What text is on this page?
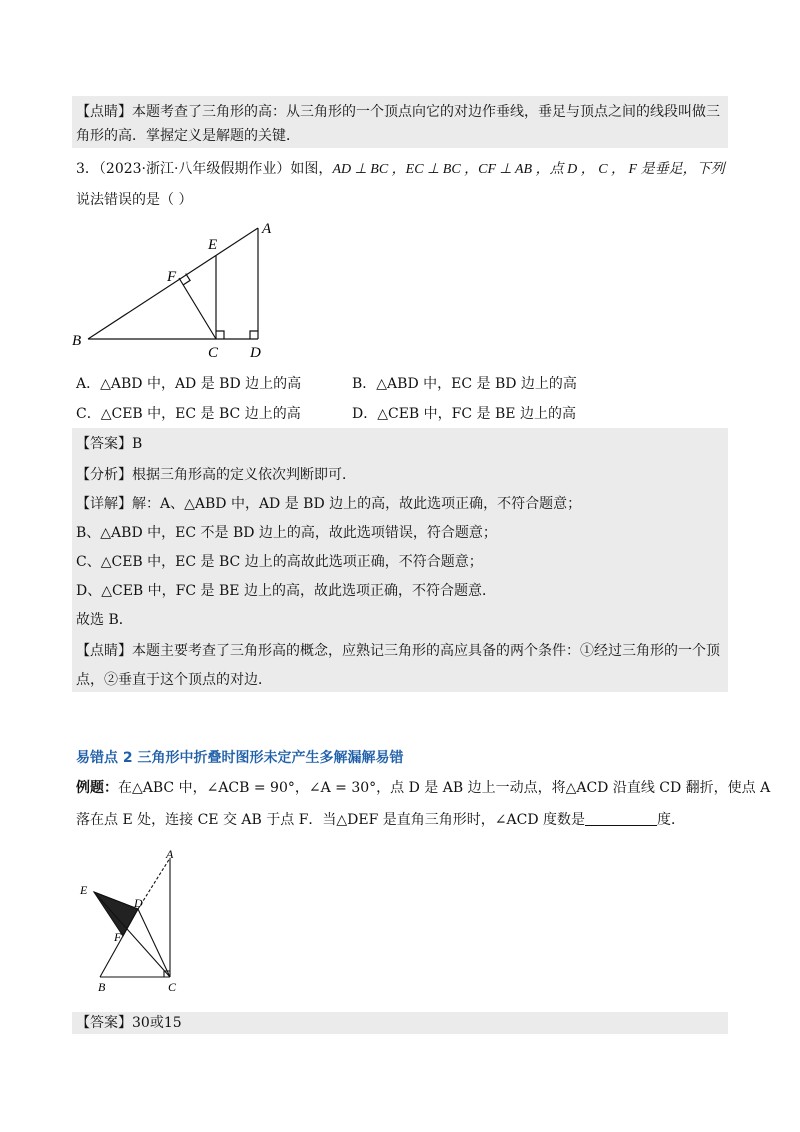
【点睛】本题考查了三角形的高：从三角形的一个顶点向它的对边作垂线，垂足与顶点之间的线段叫做三
角形的高．掌握定义是解题的关键．
3．（2023·浙江·八年级假期作业）如图，AD ⊥ BC ，EC ⊥ BC ，CF ⊥ AB ，点 D ， C ， F 是垂足，下列
说法错误的是（ ）
A
E
F
B
C D
A．△ABD 中，AD 是 BD 边上的高	B．△ABD 中，EC 是 BD 边上的高
C．△CEB 中，EC 是 BC 边上的高	D．△CEB 中，FC 是 BE 边上的高
【答案】B
【分析】根据三角形高的定义依次判断即可．
【详解】解：A、△ABD 中，AD 是 BD 边上的高，故此选项正确，不符合题意；
B、△ABD 中，EC 不是 BD 边上的高，故此选项错误，符合题意；
C、△CEB 中，EC 是 BC 边上的高故此选项正确，不符合题意；
D、△CEB 中，FC 是 BE 边上的高，故此选项正确，不符合题意．
故选 B．
【点睛】本题主要考查了三角形高的概念，应熟记三角形的高应具备的两个条件：①经过三角形的一个顶
点，②垂直于这个顶点的对边．
易错点 2 三角形中折叠时图形未定产生多解漏解易错
例题：在△ABC 中，∠ACB = 90°，∠A = 30°，点 D 是 AB 边上一动点，将△ACD 沿直线 CD 翻折，使点 A
落在点 E 处，连接 CE 交 AB 于点 F．当△DEF 是直角三角形时，∠ACD 度数是	度．
A
E
D
F
B	C
【答案】30或15
